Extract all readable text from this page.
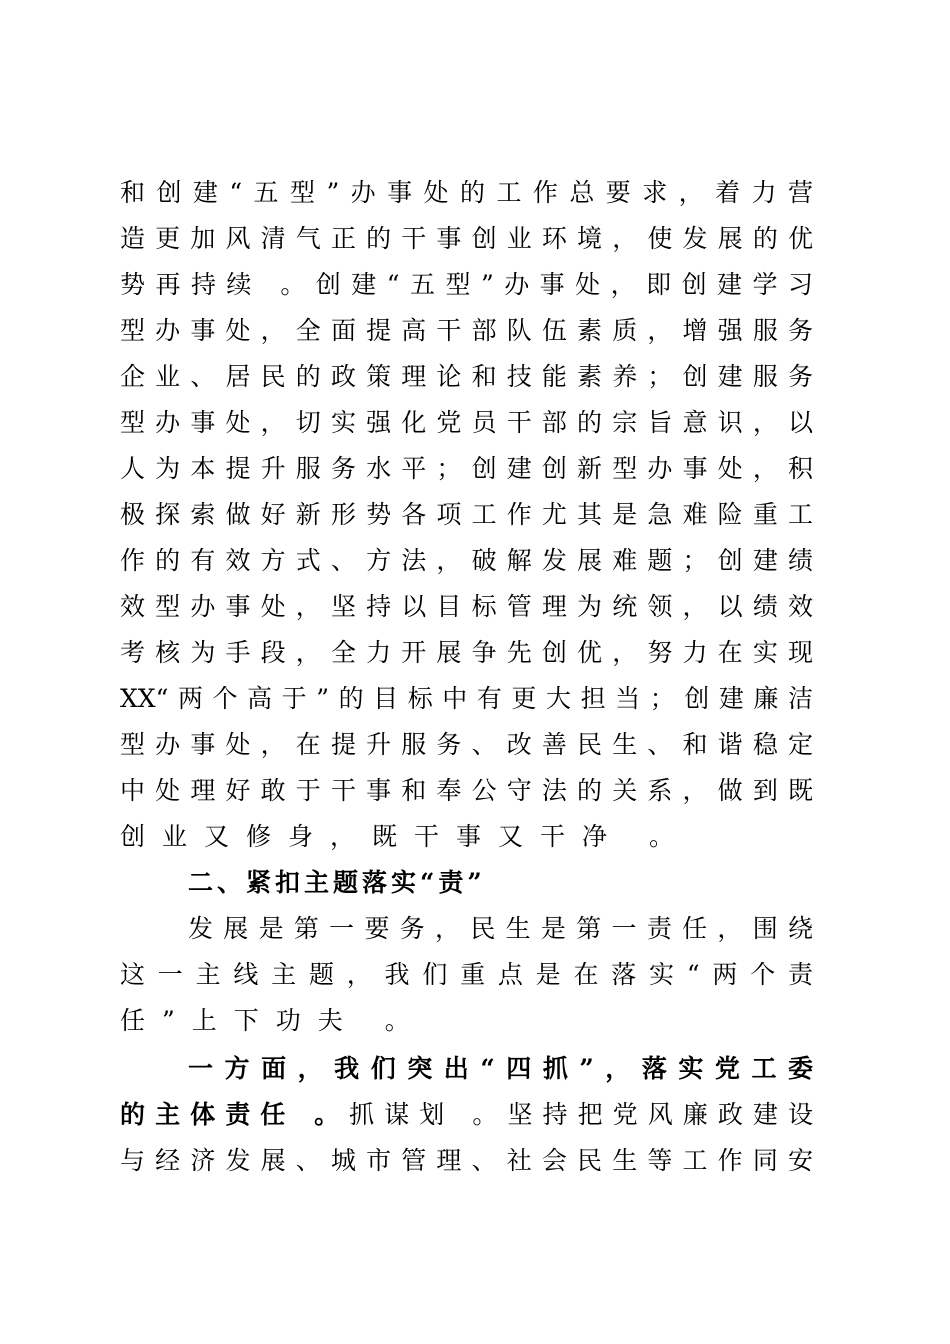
和创建“五型”办事处的工作总要求，着力营
造更加风清气正的干事创业环境，使发展的优
势再持续 。创建“五型”办事处，即创建学习
型办事处，全面提高干部队伍素质，增强服务
企业、居民的政策理论和技能素养；创建服务
型办事处，切实强化党员干部的宗旨意识，以
人为本提升服务水平；创建创新型办事处，积
极探索做好新形势各项工作尤其是急难险重工
作的有效方式、方法，破解发展难题；创建绩
效型办事处，坚持以目标管理为统领，以绩效
考核为手段，全力开展争先创优，努力在实现
XX“两个高于”的目标中有更大担当；创建廉洁
型办事处，在提升服务、改善民生、和谐稳定
中处理好敢于干事和奉公守法的关系，做到既
创业又修身，既干事又干净 。
二、紧扣主题落实“责”
发展是第一要务，民生是第一责任，围绕
这一主线主题，我们重点是在落实“两个责
任”上下功夫 。
一方面，我们突出“四抓”，落实党工委
的主体责任 。抓谋划 。坚持把党风廉政建设
与经济发展、城市管理、社会民生等工作同安
